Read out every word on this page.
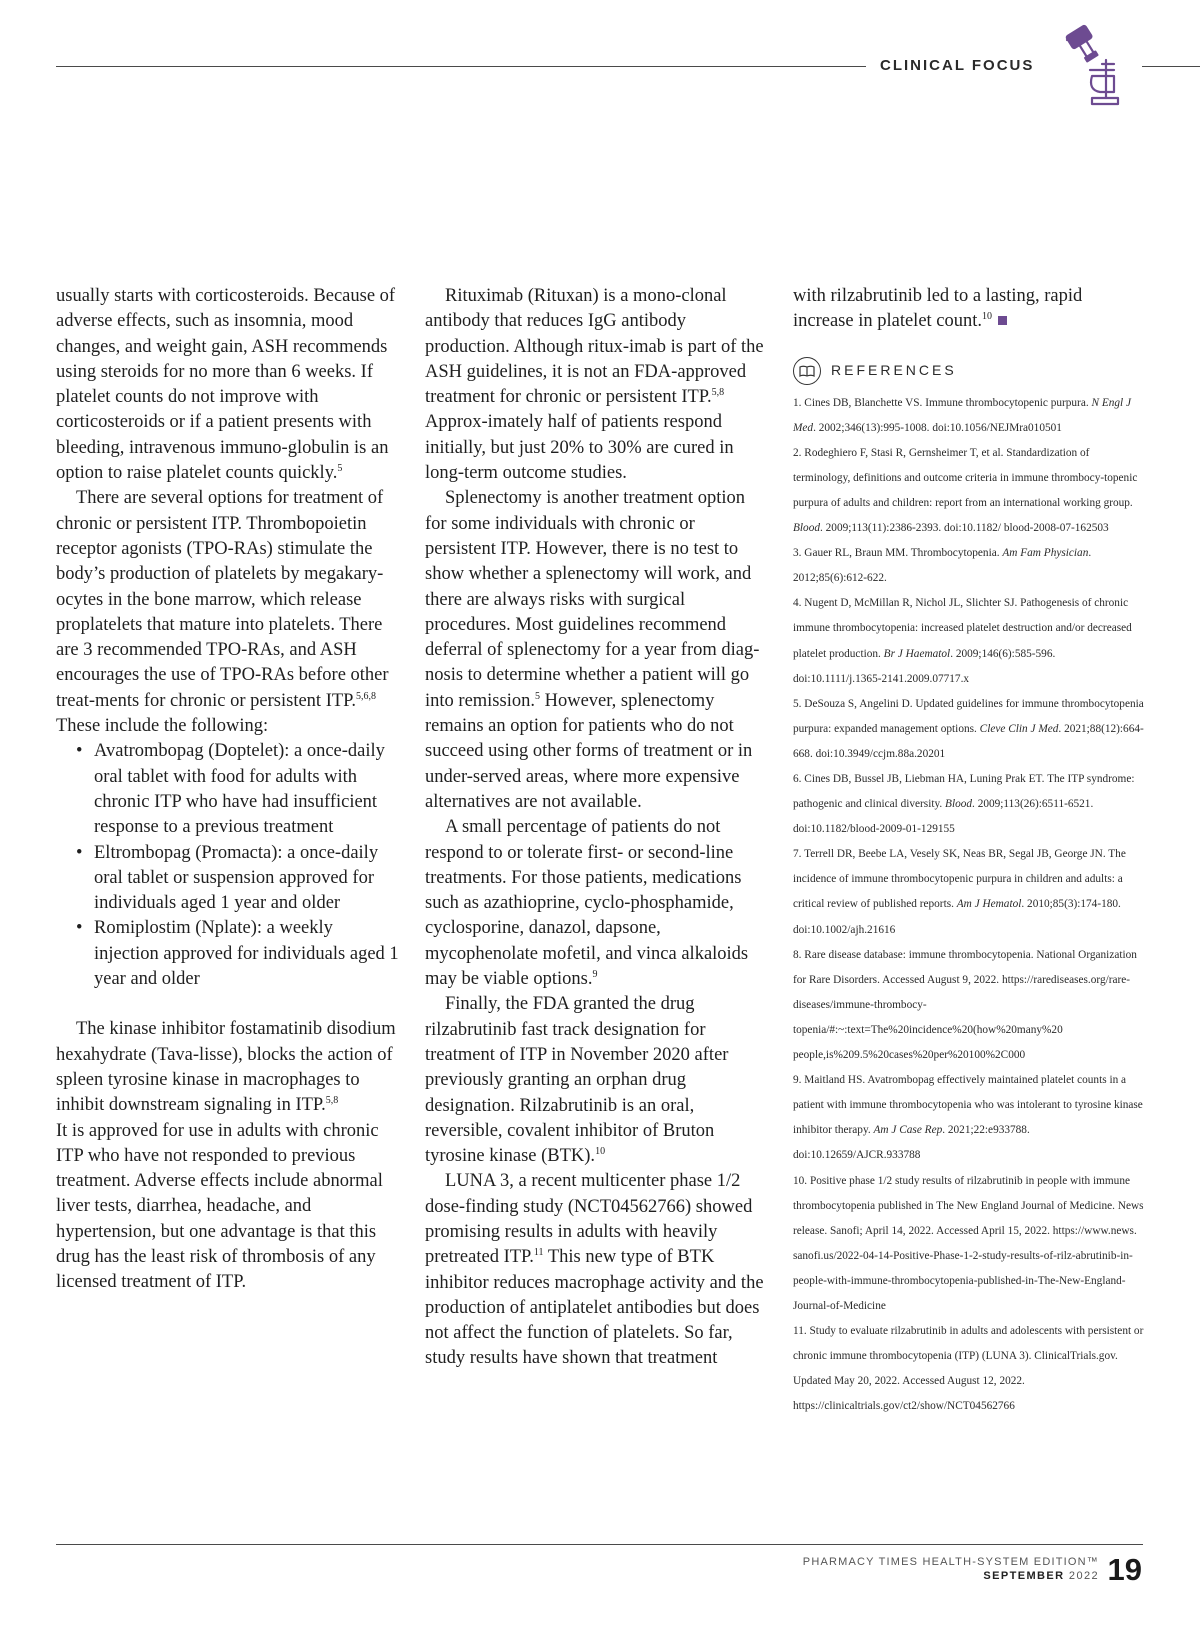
CLINICAL FOCUS

usually starts with corticosteroids. Because of adverse effects, such as insomnia, mood changes, and weight gain, ASH recommends using steroids for no more than 6 weeks. If platelet counts do not improve with corticosteroids or if a patient presents with bleeding, intravenous immuno-globulin is an option to raise platelet counts quickly.$^5$

There are several options for treatment of chronic or persistent ITP. Thrombopoietin receptor agonists (TPO-RAs) stimulate the body’s production of platelets by megakary-ocytes in the bone marrow, which release proplatelets that mature into platelets. There are 3 recommended TPO-RAs, and ASH encourages the use of TPO-RAs before other treat-ments for chronic or persistent ITP.$^{5,6,8}$

These include the following:

• Avatrombopag (Doptelet): a once-daily oral tablet with food for adults with chronic ITP who have had insufficient response to a previous treatment
• Eltrombopag (Promacta): a once-daily oral tablet or suspension approved for individuals aged 1 year and older
• Romiplostim (Nplate): a weekly injection approved for individuals aged 1 year and older

The kinase inhibitor fostamatinib disodium hexahydrate (Tava-lisse), blocks the action of spleen tyrosine kinase in macrophages to inhibit downstream signaling in ITP.$^{5,8}$

It is approved for use in adults with chronic ITP who have not responded to previous treatment. Adverse effects include abnormal liver tests, diarrhea, headache, and hypertension, but one advantage is that this drug has the least risk of thrombosis of any licensed treatment of ITP.

Rituximab (Rituxan) is a mono-clonal antibody that reduces IgG antibody production. Although ritux-imab is part of the ASH guidelines, it is not an FDA-approved treatment for chronic or persistent ITP.$^{5,8}$ Approx-imately half of patients respond initially, but just 20% to 30% are cured in long-term outcome studies.

Splenectomy is another treatment option for some individuals with chronic or persistent ITP. However, there is no test to show whether a splenectomy will work, and there are always risks with surgical procedures. Most guidelines recommend deferral of splenectomy for a year from diag-nosis to determine whether a patient will go into remission.$^5$ However, splenectomy remains an option for patients who do not succeed using other forms of treatment or in under-served areas, where more expensive alternatives are not available.

A small percentage of patients do not respond to or tolerate first- or second-line treatments. For those patients, medications such as azathioprine, cyclo-phosphamide, cyclosporine, danazol, dapsone, mycophenolate mofetil, and vinca alkaloids may be viable options.$^9$

Finally, the FDA granted the drug rilzabrutinib fast track designation for treatment of ITP in November 2020 after previously granting an orphan drug designation. Rilzabrutinib is an oral, reversible, covalent inhibitor of Bruton tyrosine kinase (BTK).$^{10}$

LUNA 3, a recent multicenter phase 1/2 dose-finding study (NCT04562766) showed promising results in adults with heavily pretreated ITP.$^{11}$ This new type of BTK inhibitor reduces macrophage activity and the production of antiplatelet antibodies but does not affect the function of platelets. So far, study results have shown that treatment

with rilzabrutinib led to a lasting, rapid increase in platelet count.$^{10}$

REFERENCES
1. Cines DB, Blanchette VS. Immune thrombocytopenic purpura. N Engl J Med. 2002;346(13):995-1008. doi:10.1056/NEJMra010501
2. Rodeghiero F, Stasi R, Gernsheimer T, et al. Standardization of terminology, definitions and outcome criteria in immune thrombocy-topenic purpura of adults and children: report from an international working group. Blood. 2009;113(11):2386-2393. doi:10.1182/ blood-2008-07-162503
3. Gauer RL, Braun MM. Thrombocytopenia. Am Fam Physician. 2012;85(6):612-622.
4. Nugent D, McMillan R, Nichol JL, Slichter SJ. Pathogenesis of chronic immune thrombocytopenia: increased platelet destruction and/or decreased platelet production. Br J Haematol. 2009;146(6):585-596. doi:10.1111/j.1365-2141.2009.07717.x
5. DeSouza S, Angelini D. Updated guidelines for immune thrombocytopenia purpura: expanded management options. Cleve Clin J Med. 2021;88(12):664-668. doi:10.3949/ccjm.88a.20201
6. Cines DB, Bussel JB, Liebman HA, Luning Prak ET. The ITP syndrome: pathogenic and clinical diversity. Blood. 2009;113(26):6511-6521. doi:10.1182/blood-2009-01-129155
7. Terrell DR, Beebe LA, Vesely SK, Neas BR, Segal JB, George JN. The incidence of immune thrombocytopenic purpura in children and adults: a critical review of published reports. Am J Hematol. 2010;85(3):174-180. doi:10.1002/ajh.21616
8. Rare disease database: immune thrombocytopenia. National Organization for Rare Disorders. Accessed August 9, 2022. https://rarediseases.org/rare-diseases/immune-thrombocy-topenia/#:~:text=The%20incidence%20(how%20many%20 people,is%209.5%20cases%20per%20100%2C000
9. Maitland HS. Avatrombopag effectively maintained platelet counts in a patient with immune thrombocytopenia who was intolerant to tyrosine kinase inhibitor therapy. Am J Case Rep. 2021;22:e933788. doi:10.12659/AJCR.933788
10. Positive phase 1/2 study results of rilzabrutinib in people with immune thrombocytopenia published in The New England Journal of Medicine. News release. Sanofi; April 14, 2022. Accessed April 15, 2022. https://www.news. sanofi.us/2022-04-14-Positive-Phase-1-2-study-results-of-rilz-abrutinib-in-people-with-immune-thrombocytopenia-published-in-The-New-England-Journal-of-Medicine
11. Study to evaluate rilzabrutinib in adults and adolescents with persistent or chronic immune thrombocytopenia (ITP) (LUNA 3). ClinicalTrials.gov. Updated May 20, 2022. Accessed August 12, 2022. https://clinicaltrials.gov/ct2/show/NCT04562766
PHARMACY TIMES HEALTH-SYSTEM EDITION™
SEPTEMBER 2022 19
